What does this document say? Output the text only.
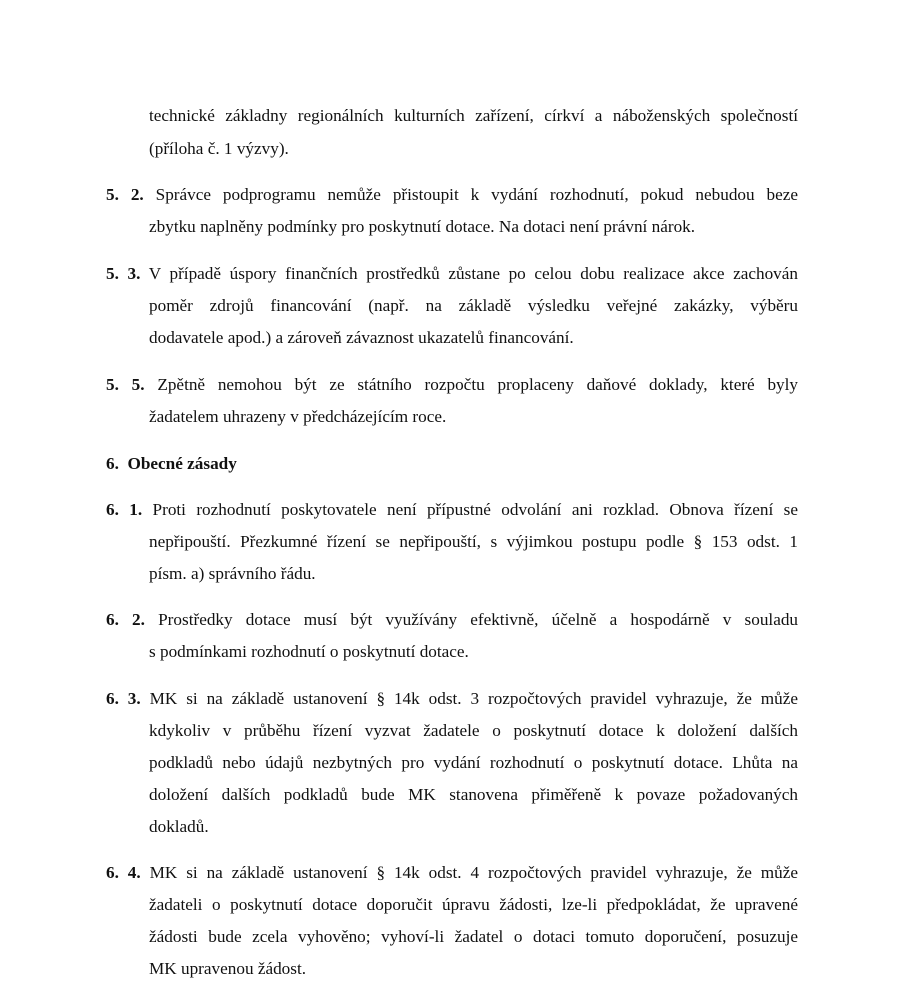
technické základny regionálních kulturních zařízení, církví a náboženských společností
(příloha č. 1 výzvy).
5. 2. Správce podprogramu nemůže přistoupit k vydání rozhodnutí, pokud nebudou beze
zbytku naplněny podmínky pro poskytnutí dotace. Na dotaci není právní nárok.
5. 3. V případě úspory finančních prostředků zůstane po celou dobu realizace akce zachován
poměr zdrojů financování (např. na základě výsledku veřejné zakázky, výběru
dodavatele apod.) a zároveň závaznost ukazatelů financování.
5. 5. Zpětně nemohou být ze státního rozpočtu proplaceny daňové doklady, které byly
žadatelem uhrazeny v předcházejícím roce.
6.  Obecné zásady
6. 1. Proti rozhodnutí poskytovatele není přípustné odvolání ani rozklad. Obnova řízení se
nepřipouští. Přezkumné řízení se nepřipouští, s výjimkou postupu podle § 153 odst. 1
písm. a) správního řádu.
6. 2. Prostředky dotace musí být využívány efektivně, účelně a hospodárně v souladu
s podmínkami rozhodnutí o poskytnutí dotace.
6. 3. MK si na základě ustanovení § 14k odst. 3 rozpočtových pravidel vyhrazuje, že může
kdykoliv v průběhu řízení vyzvat žadatele o poskytnutí dotace k doložení dalších
podkladů nebo údajů nezbytných pro vydání rozhodnutí o poskytnutí dotace. Lhůta na
doložení dalších podkladů bude MK stanovena přiměřeně k povaze požadovaných
dokladů.
6. 4. MK si na základě ustanovení § 14k odst. 4 rozpočtových pravidel vyhrazuje, že může
žadateli o poskytnutí dotace doporučit úpravu žádosti, lze-li předpokládat, že upravené
žádosti bude zcela vyhověno; vyhoví-li žadatel o dotaci tomuto doporučení, posuzuje
MK upravenou žádost.
